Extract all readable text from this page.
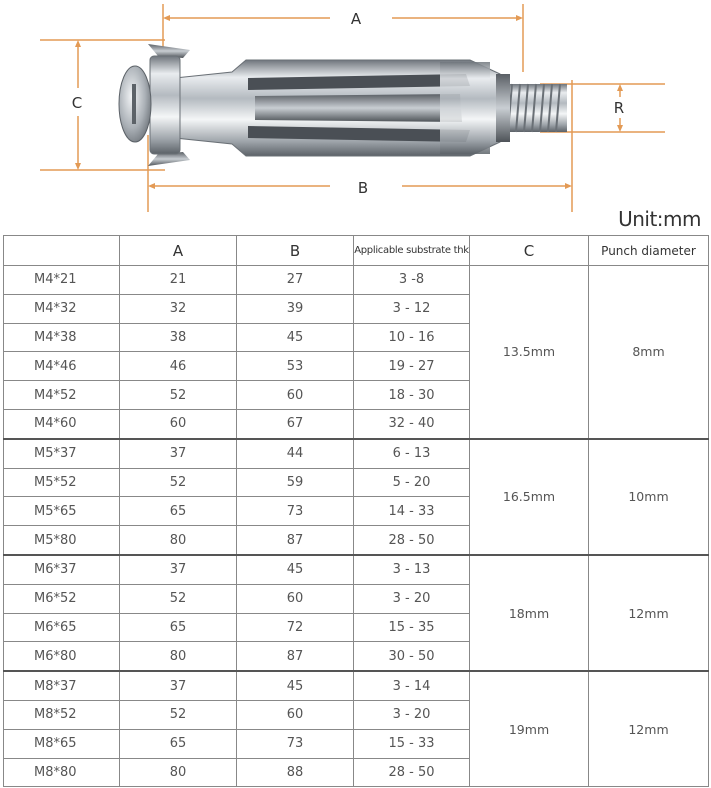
A
B
C	R
Unit:mm
	A	B	Applicable substrate thk	C	Punch diameter
M4*21	21	27	3 -8	13.5mm	8mm
M4*32	32	39	3 - 12		
M4*38	38	45	10 - 16		
M4*46	46	53	19 - 27		
M4*52	52	60	18 - 30		
M4*60	60	67	32 - 40		
M5*37	37	44	6 - 13	16.5mm	10mm
M5*52	52	59	5 - 20		
M5*65	65	73	14 - 33		
M5*80	80	87	28 - 50		
M6*37	37	45	3 - 13	18mm	12mm
M6*52	52	60	3 - 20		
M6*65	65	72	15 - 35		
M6*80	80	87	30 - 50		
M8*37	37	45	3 - 14	19mm	12mm
M8*52	52	60	3 - 20		
M8*65	65	73	15 - 33		
M8*80	80	88	28 - 50		
